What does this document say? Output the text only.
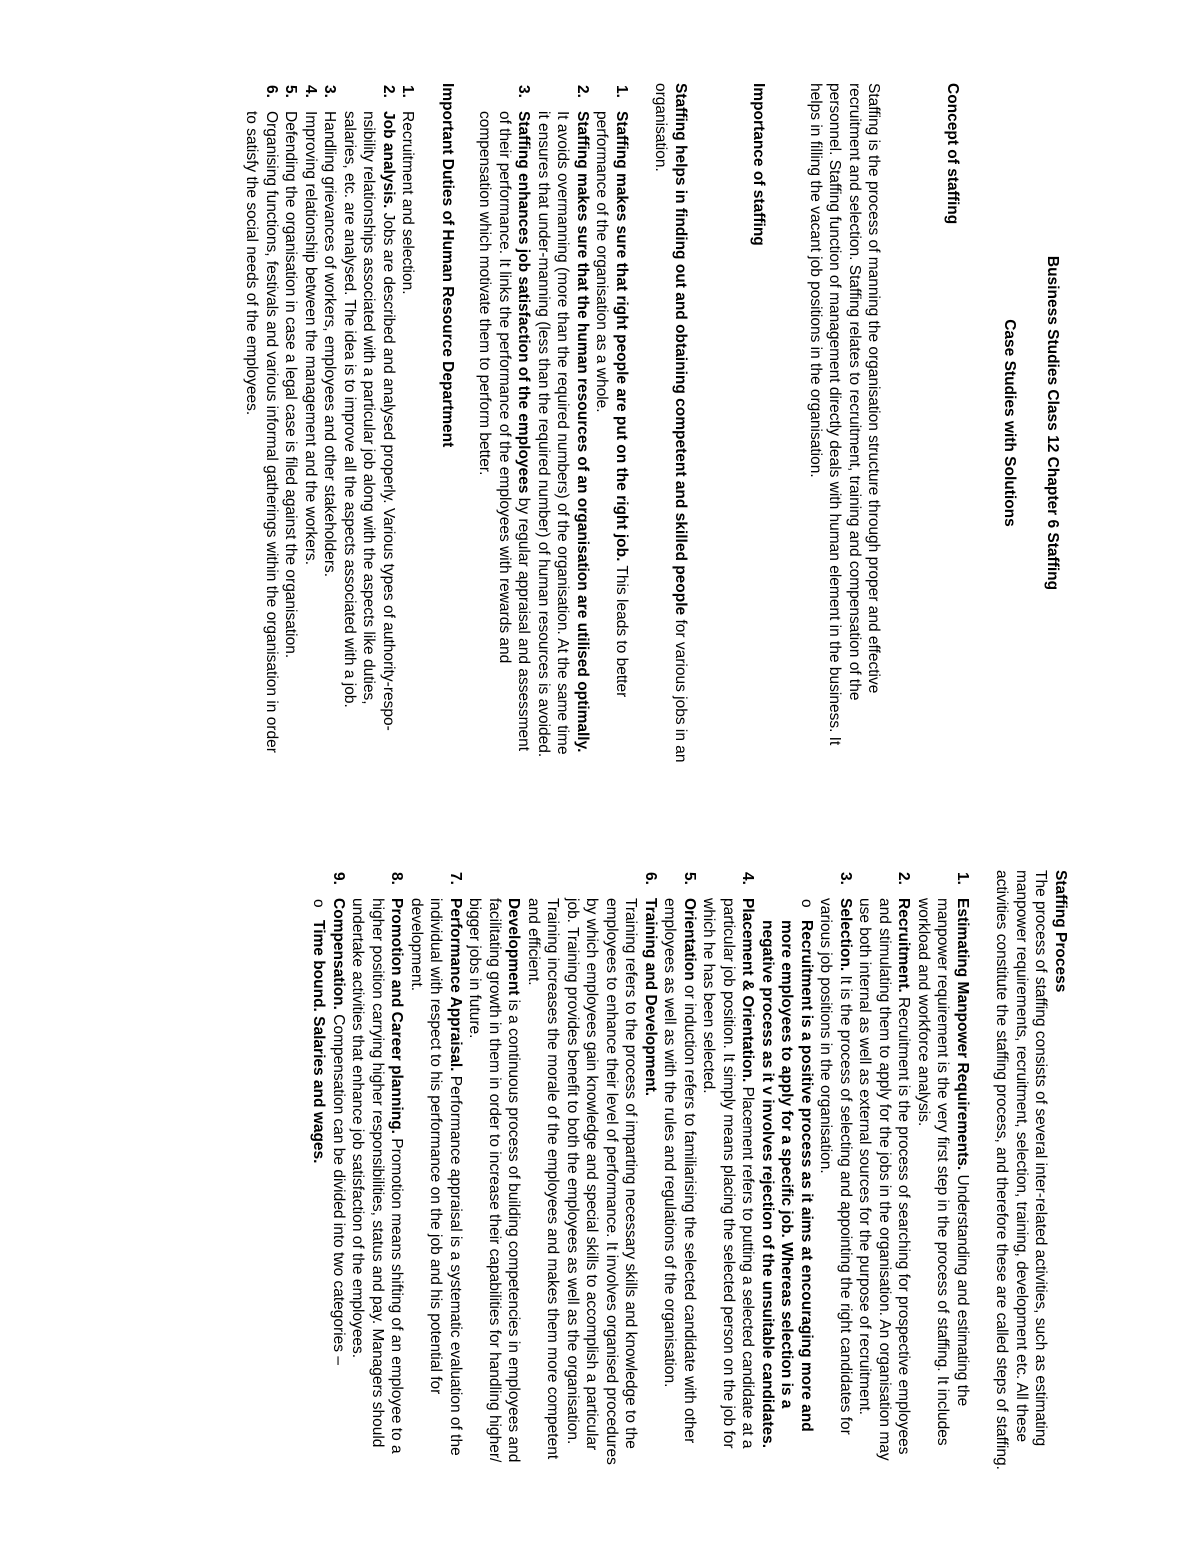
Business Studies Class 12 Chapter 6 Staffing

Case Studies with Solutions

Concept of staffing

Staffing is the process of manning the organisation structure through proper and effective recruitment and selection. Staffing relates to recruitment, training and compensation of the personnel. Staffing function of management directly deals with human element in the business. It helps in filling the vacant job positions in the organisation.

Importance of staffing

Staffing helps in finding out and obtaining competent and skilled people for various jobs in an organisation.

1.
Staffing makes sure that right people are put on the right job. This leads to better performance of the organisation as a whole.
2.
Staffing makes sure that the human resources of an organisation are utilised optimally. It avoids overmanning (more than the required numbers) of the organisation. At the same time it ensures that under-manning (less than the required number) of human resources is avoided.
3.
Staffing enhances job satisfaction of the employees by regular appraisal and assessment of their performance. It links the performance of the employees with rewards and compensation which motivate them to perform better.

Important Duties of Human Resource Department

1.
Recruitment and selection.
2.
Job analysis. Jobs are described and analysed properly. Various types of authority-respo-nsibility relationships associated with a particular job along with the aspects like duties, salaries, etc. are analysed. The idea is to improve all the aspects associated with a job.
3.
Handling grievances of workers, employees and other stakeholders.
4.
Improving relationship between the management and the workers.
5.
Defending the organisation in case a legal case is filed against the organisation.
6.
Organising functions, festivals and various informal gatherings within the organisation in order to satisfy the social needs of the employees.

Staffing Process

The process of staffing consists of several inter-related activities, such as estimating manpower requirements, recruitment, selection, training, development etc. All these activities constitute the staffing process, and therefore these are called steps of staffing.

1.
Estimating Manpower Requirements. Understanding and estimating the manpower requirement is the very first step in the process of staffing. It includes workload and workforce analysis.
2.
Recruitment. Recruitment is the process of searching for prospective employees and stimulating them to apply for the jobs in the organisation. An organisation may use both internal as well as external sources for the purpose of recruitment.
3.
Selection. It is the process of selecting and appointing the right candidates for various job positions in the organisation.
o
Recruitment is a positive process as it aims at encouraging more and more employees to apply for a specific job. Whereas selection is a negative process as it v involves rejection of the unsuitable candidates.
4.
Placement & Orientation. Placement refers to putting a selected candidate at a particular job position. It simply means placing the selected person on the job for which he has been selected.
5.
Orientation or induction refers to familiarising the selected candidate with other employees as well as with the rules and regulations of the organisation.
6.
Training and Development.

Training refers to the process of imparting necessary skills and knowledge to the employees to enhance their level of performance. It involves organised procedures by which employees gain knowledge and special skills to accomplish a particular job. Training provides benefit to both the employees as well as the organisation. Training increases the morale of the employees and makes them more competent and efficient.

Development is a continuous process of building competencies in employees and facilitating growth in them in order to increase their capabilities for handling higher/ bigger jobs in future.

7.
Performance Appraisal. Performance appraisal is a systematic evaluation of the individual with respect to his performance on the job and his potential for development.
8.
Promotion and Career planning. Promotion means shifting of an employee to a higher position carrying higher responsibilities, status and pay. Managers should undertake activities that enhance job satisfaction of the employees.
9.
Compensation. Compensation can be divided into two categories –
o
Time bound. Salaries and wages.
